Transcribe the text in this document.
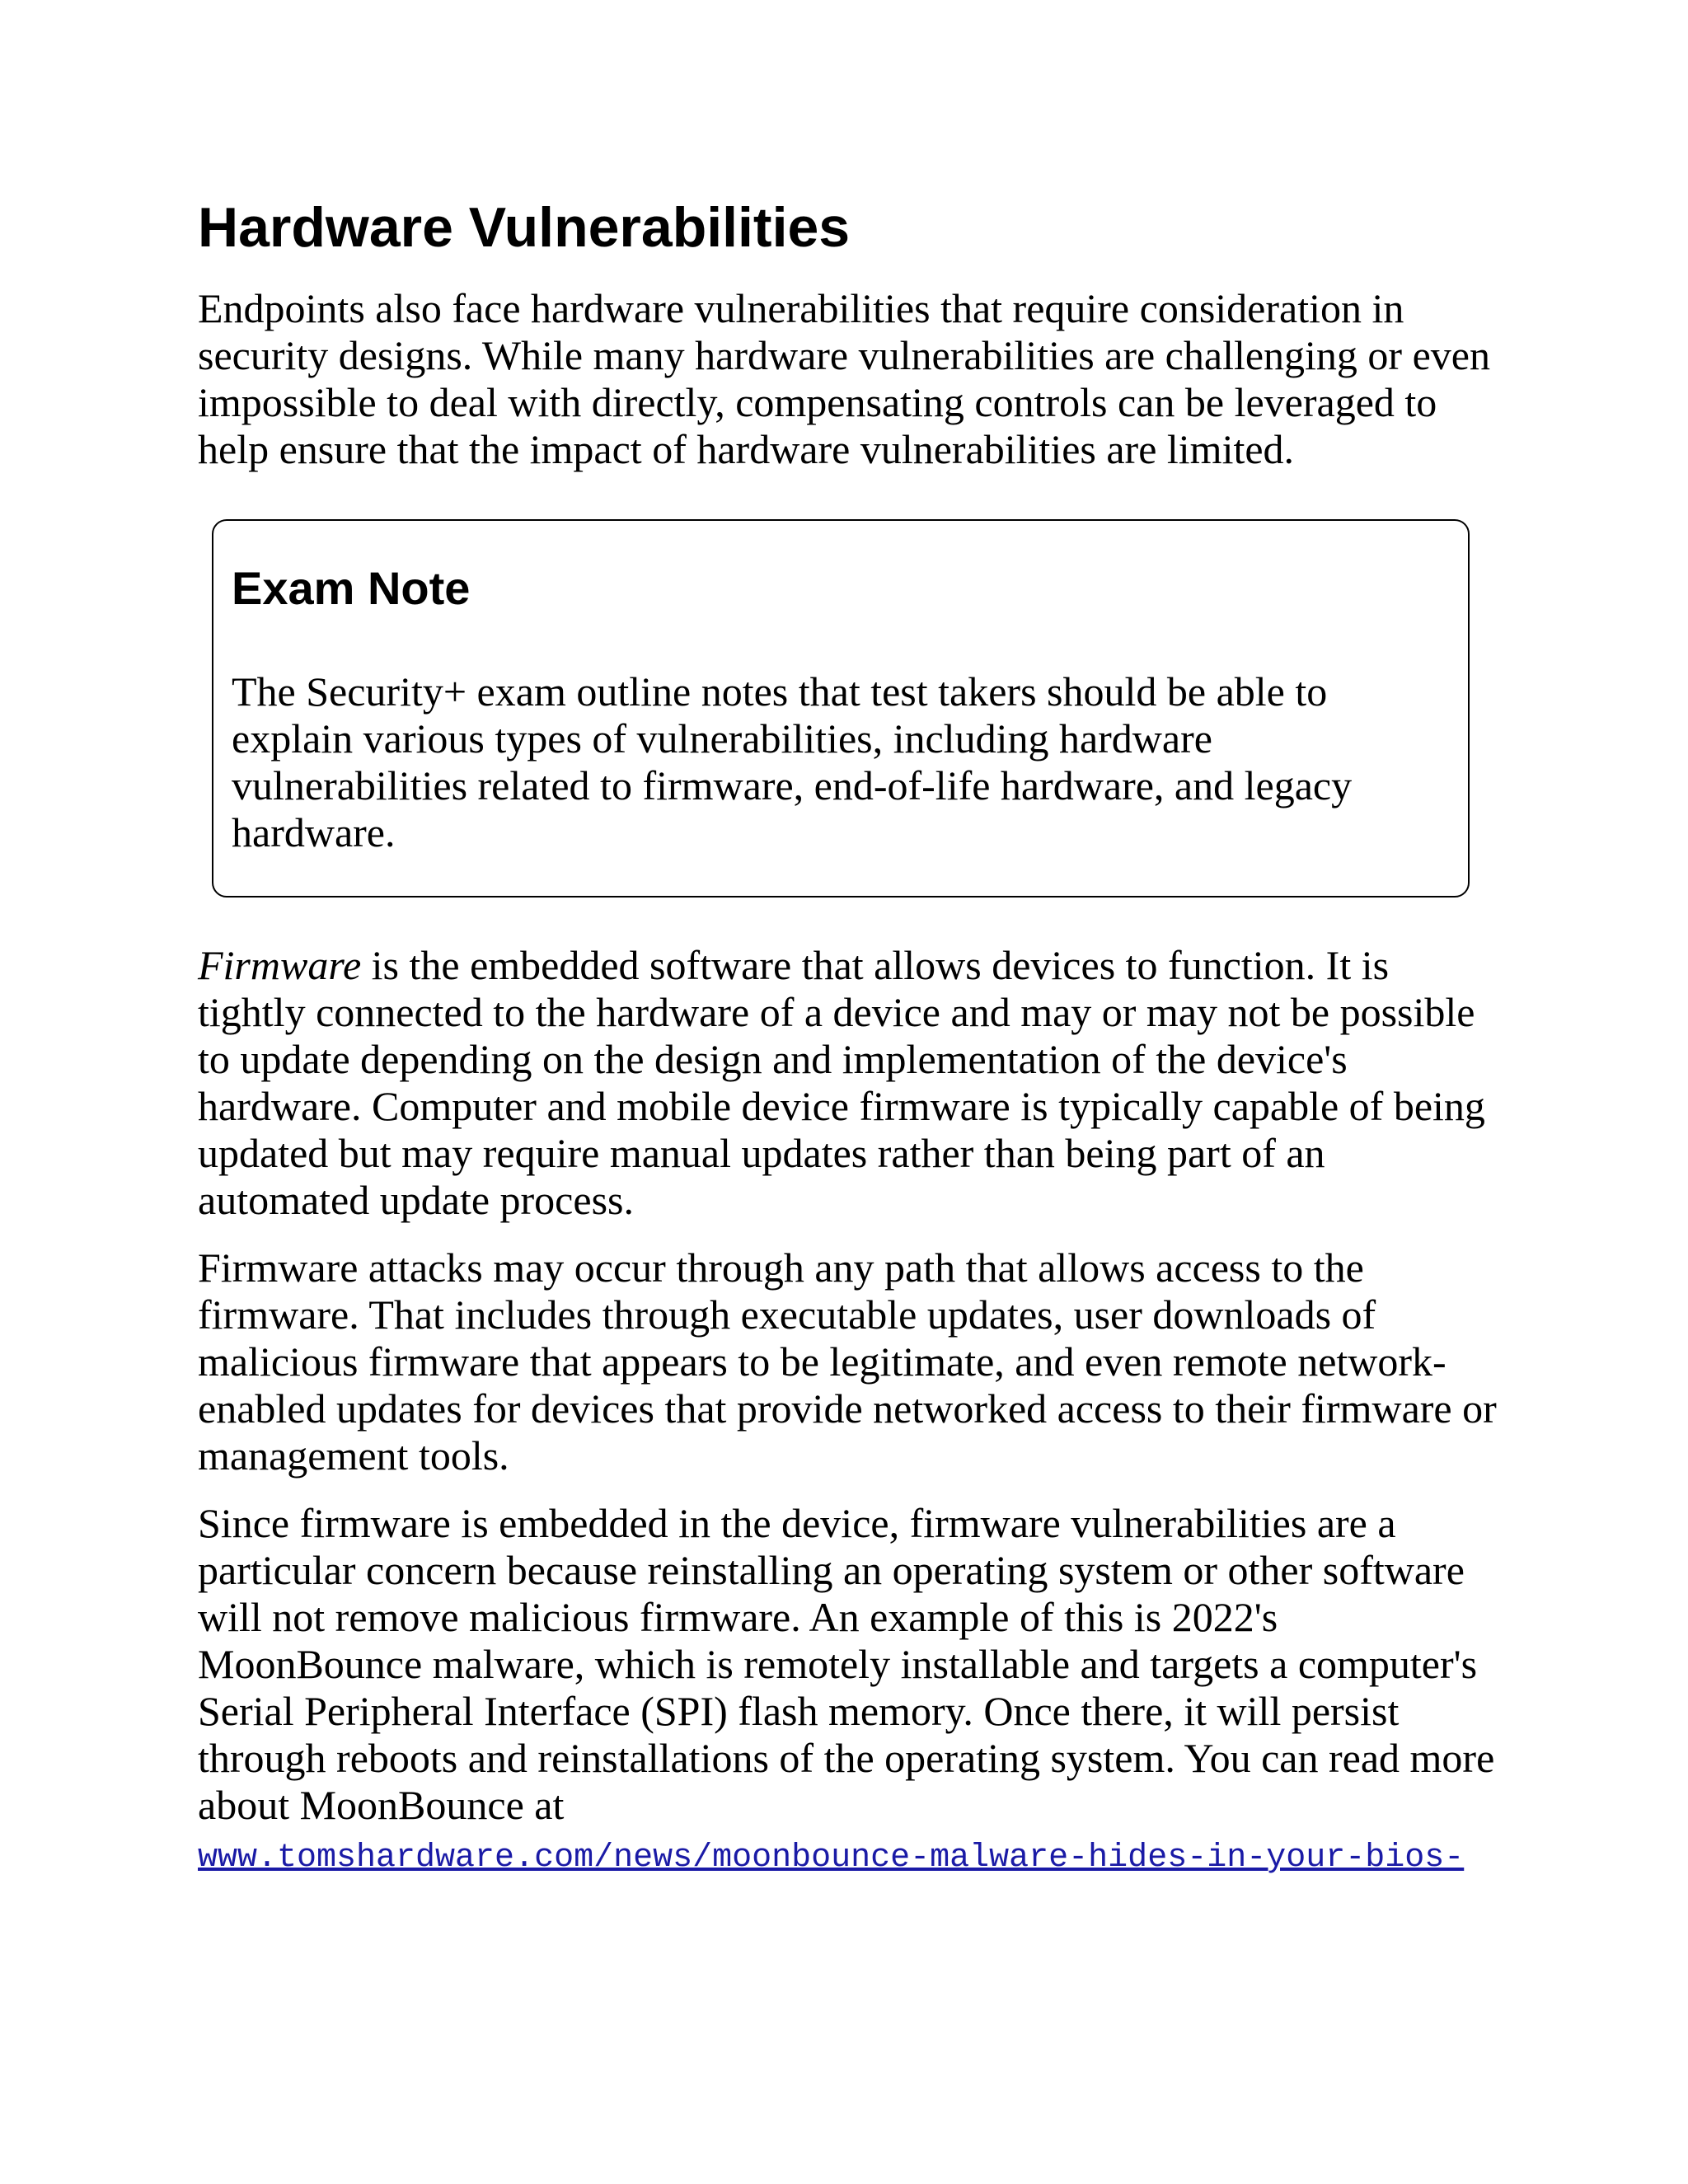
Hardware Vulnerabilities

Endpoints also face hardware vulnerabilities that require consideration in security designs. While many hardware vulnerabilities are challenging or even impossible to deal with directly, compensating controls can be leveraged to help ensure that the impact of hardware vulnerabilities are limited.

Exam Note

The Security+ exam outline notes that test takers should be able to explain various types of vulnerabilities, including hardware vulnerabilities related to firmware, end-of-life hardware, and legacy hardware.

Firmware is the embedded software that allows devices to function. It is tightly connected to the hardware of a device and may or may not be possible to update depending on the design and implementation of the device's hardware. Computer and mobile device firmware is typically capable of being updated but may require manual updates rather than being part of an automated update process.

Firmware attacks may occur through any path that allows access to the firmware. That includes through executable updates, user downloads of malicious firmware that appears to be legitimate, and even remote network-enabled updates for devices that provide networked access to their firmware or management tools.

Since firmware is embedded in the device, firmware vulnerabilities are a particular concern because reinstalling an operating system or other software will not remove malicious firmware. An example of this is 2022's MoonBounce malware, which is remotely installable and targets a computer's Serial Peripheral Interface (SPI) flash memory. Once there, it will persist through reboots and reinstallations of the operating system. You can read more about MoonBounce at
www.tomshardware.com/news/moonbounce-malware-hides-in-your-bios-
